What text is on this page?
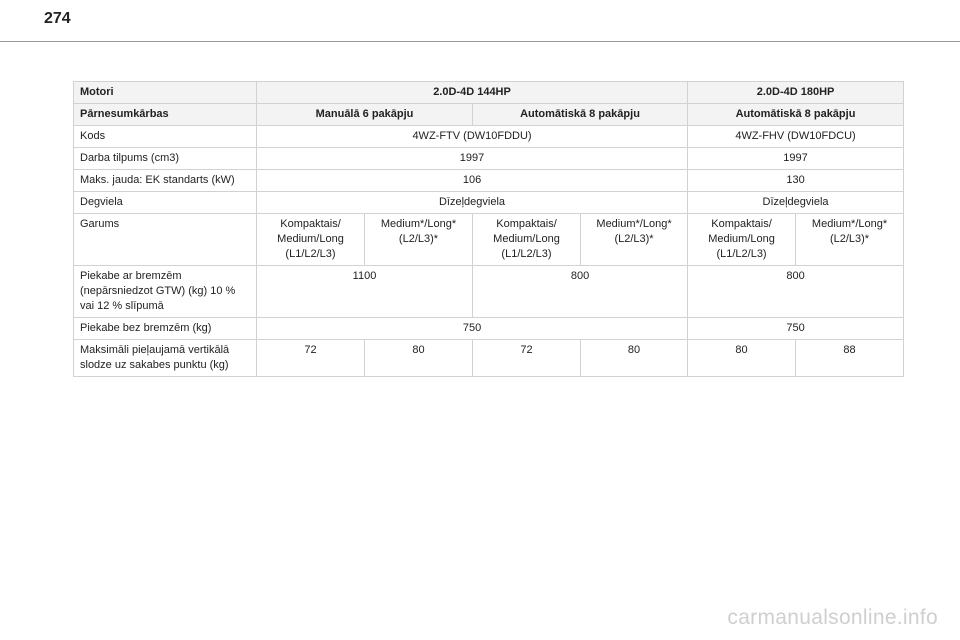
274
Motori	2.0D-4D 144HP				2.0D-4D 180HP	
Pārnesumkārbas	Manuālā 6 pakāpju		Automātiskā 8 pakāpju		Automātiskā 8 pakāpju	
Kods	4WZ-FTV (DW10FDDU)				4WZ-FHV (DW10FDCU)	
Darba tilpums (cm3)	1997				1997	
Maks. jauda: EK standarts (kW)	106				130	
Degviela	Dīzeļdegviela				Dīzeļdegviela	
Garums	Kompaktais/ Medium/Long (L1/L2/L3)	Medium*/Long* (L2/L3)*	Kompaktais/ Medium/Long (L1/L2/L3)	Medium*/Long* (L2/L3)*	Kompaktais/ Medium/Long (L1/L2/L3)	Medium*/Long* (L2/L3)*
Piekabe ar bremzēm (nepārsniedzot GTW) (kg) 10 % vai 12 % slīpumā	1100		800		800	
Piekabe bez bremzēm (kg)	750				750	
Maksimāli pieļaujamā vertikālā slodze uz sakabes punktu (kg)	72	80	72	80	80	88
carmanualsonline.info
